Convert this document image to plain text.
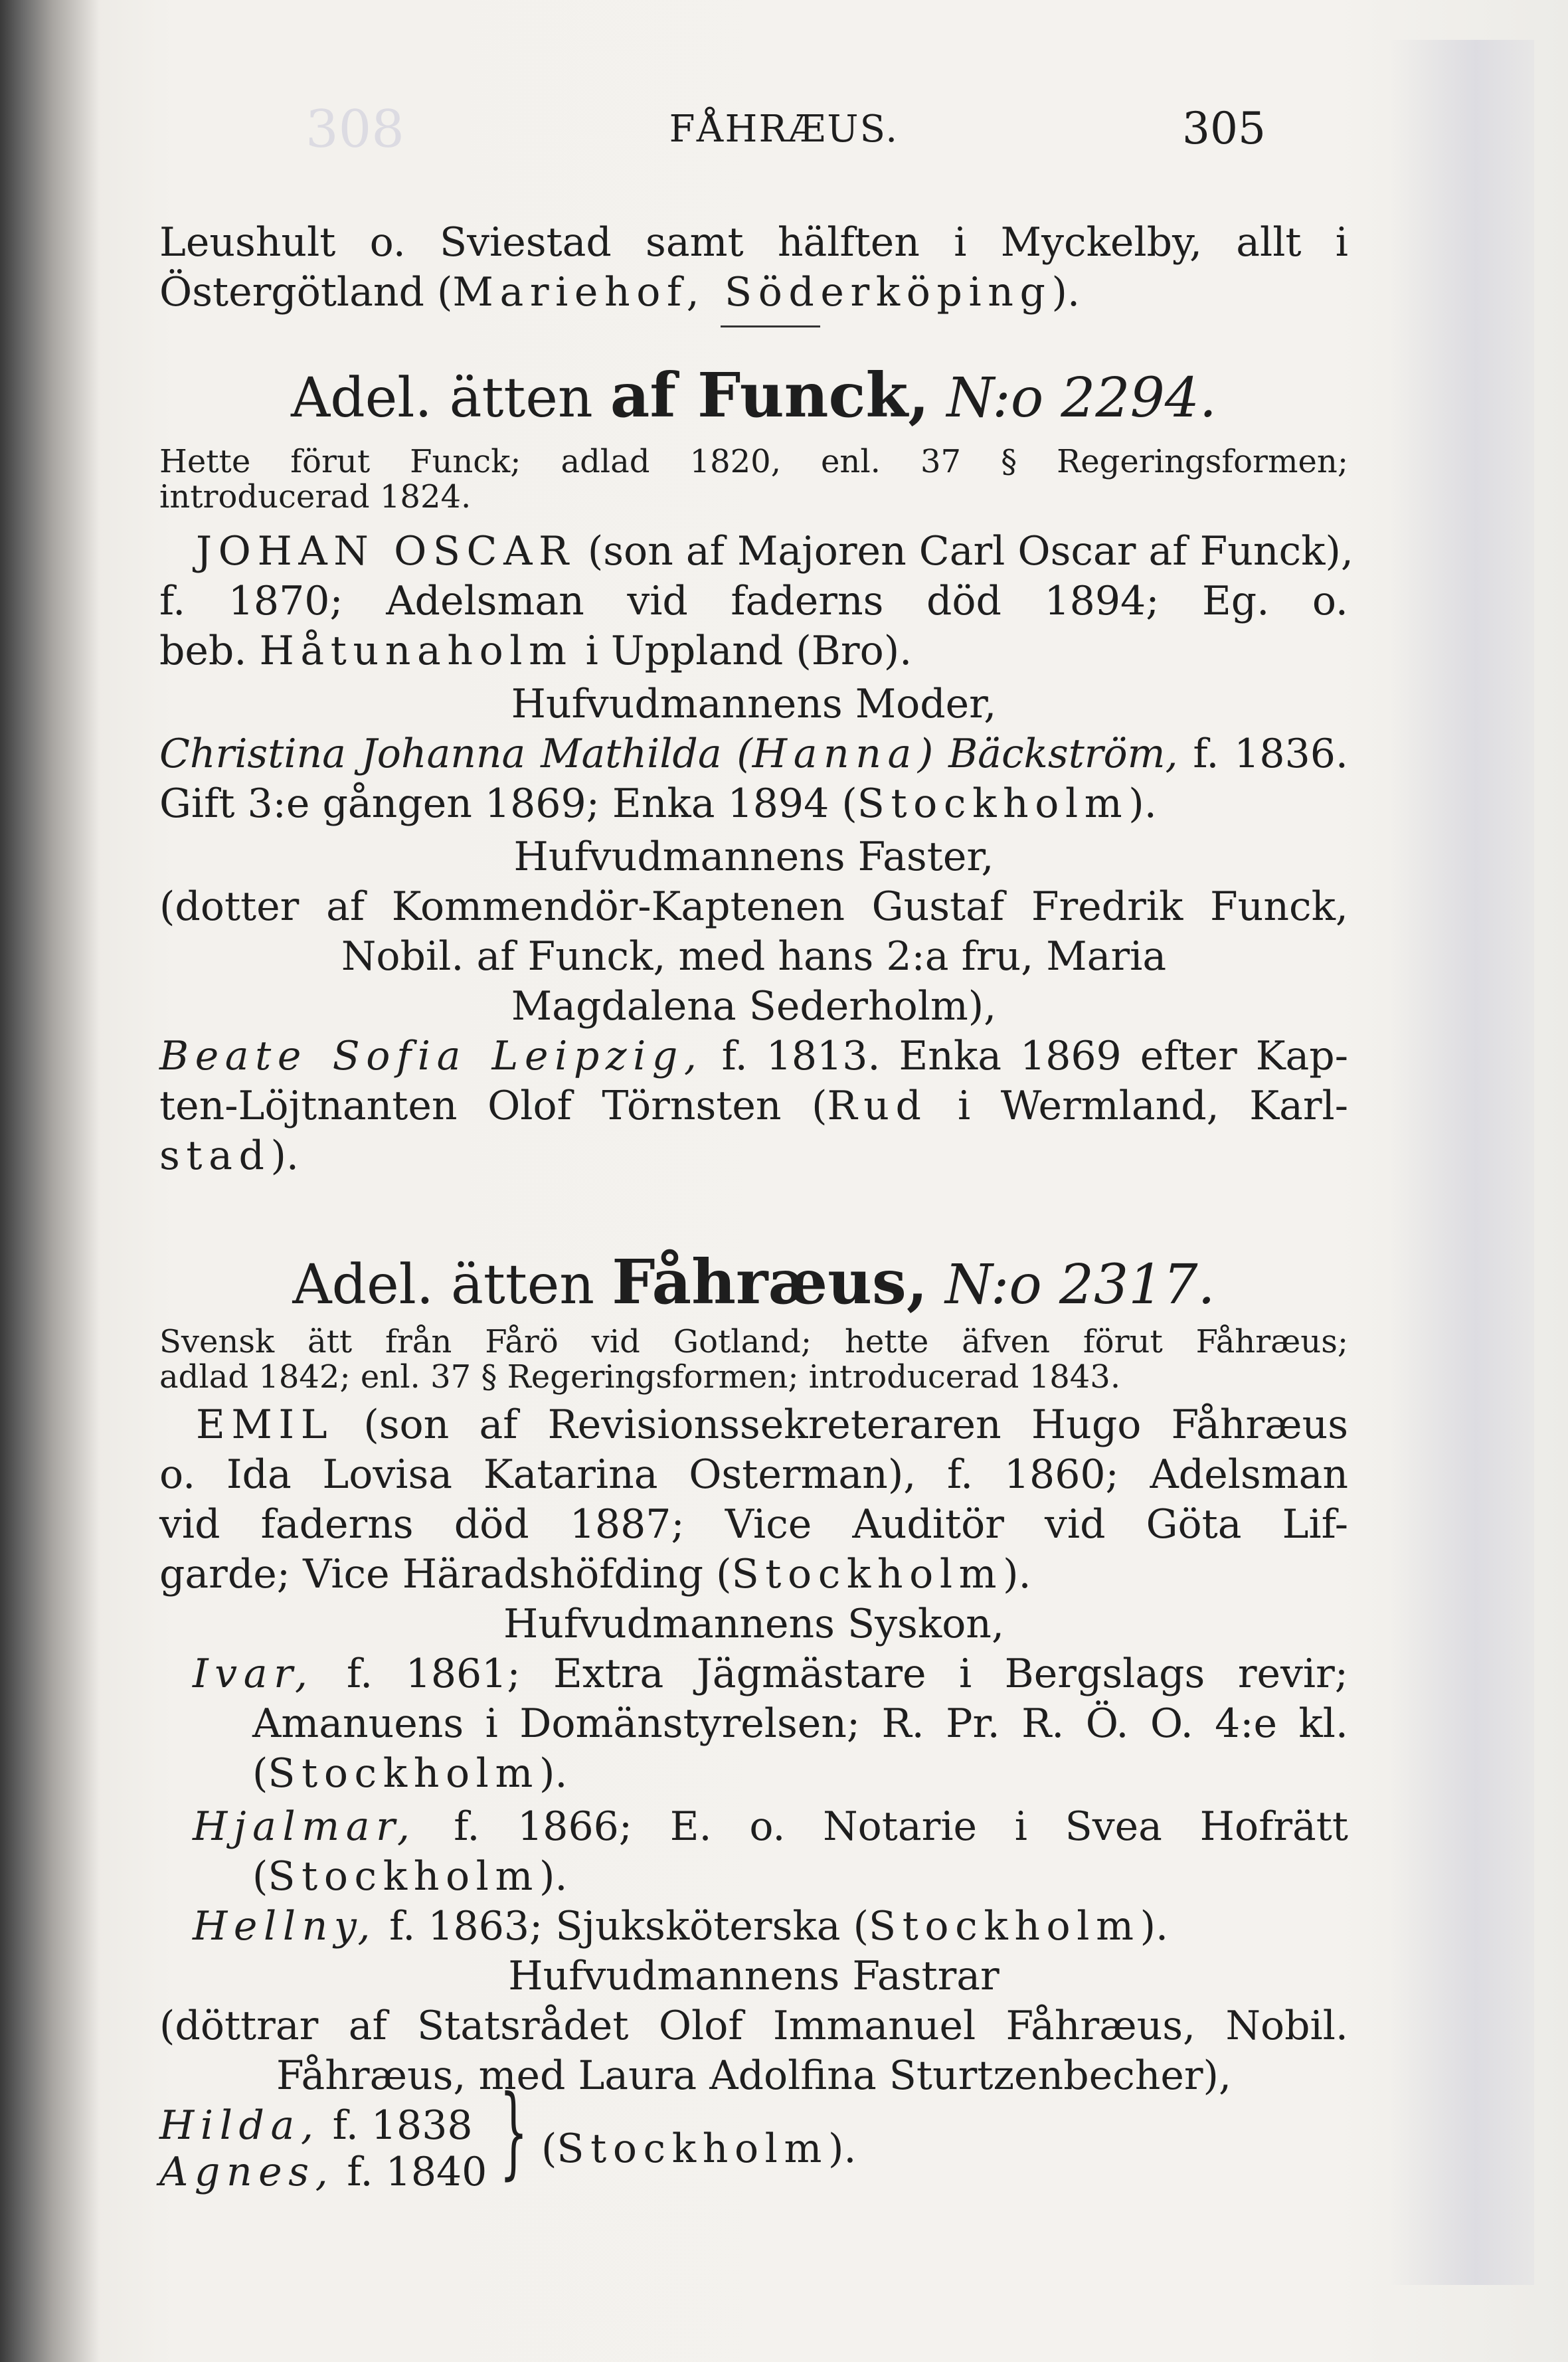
308	FÅHRÆUS.	305
Leushult o. Sviestad samt hälften i Myckelby, allt i
Östergötland (Mariehof, Söderköping).
Adel. ätten af Funck, N:o 2294.
Hette förut Funck; adlad 1820, enl. 37 § Regeringsformen;
introducerad 1824.
JOHAN OSCAR (son af Majoren Carl Oscar af Funck),
f. 1870; Adelsman vid faderns död 1894; Eg. o.
beb. Håtunaholm i Uppland (Bro).
Hufvudmannens Moder,
Christina Johanna Mathilda (Hanna) Bäckström, f. 1836.
Gift 3:e gången 1869; Enka 1894 (Stockholm).
Hufvudmannens Faster,
(dotter af Kommendör-Kaptenen Gustaf Fredrik Funck,
Nobil. af Funck, med hans 2:a fru, Maria
Magdalena Sederholm),
Beate Sofia Leipzig, f. 1813. Enka 1869 efter Kap-
ten-Löjtnanten Olof Törnsten (Rud i Wermland, Karl-
stad).
Adel. ätten Fåhræus, N:o 2317.
Svensk ätt från Fårö vid Gotland; hette äfven förut Fåhræus;
adlad 1842; enl. 37 § Regeringsformen; introducerad 1843.
EMIL (son af Revisionssekreteraren Hugo Fåhræus
o. Ida Lovisa Katarina Osterman), f. 1860; Adelsman
vid faderns död 1887; Vice Auditör vid Göta Lif-
garde; Vice Häradshöfding (Stockholm).
Hufvudmannens Syskon,
Ivar, f. 1861; Extra Jägmästare i Bergslags revir;
Amanuens i Domänstyrelsen; R. Pr. R. Ö. O. 4:e kl.
(Stockholm).
Hjalmar, f. 1866; E. o. Notarie i Svea Hofrätt
(Stockholm).
Hellny, f. 1863; Sjuksköterska (Stockholm).
Hufvudmannens Fastrar
(döttrar af Statsrådet Olof Immanuel Fåhræus, Nobil.
Fåhræus, med Laura Adolfina Sturtzenbecher),
Hilda, f. 1838
Agnes, f. 1840 } (Stockholm).
